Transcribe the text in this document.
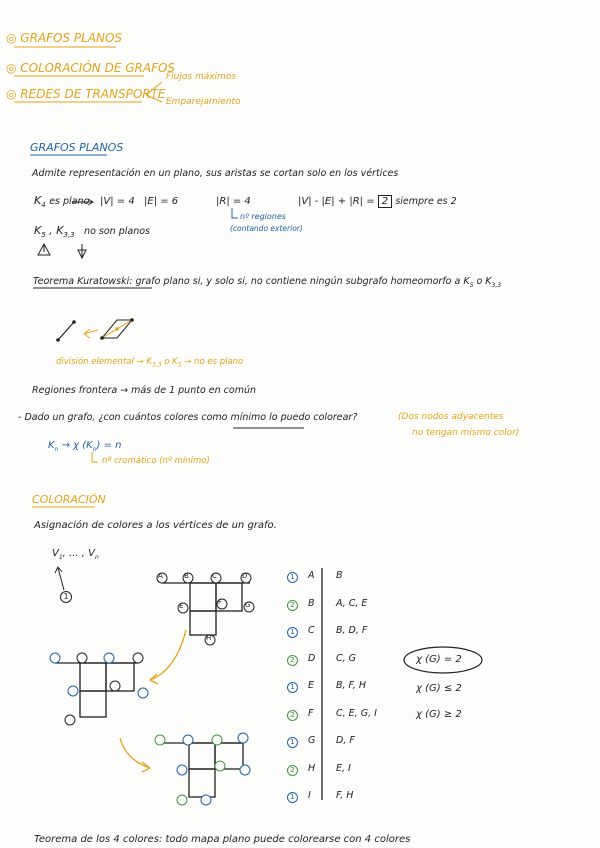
◎ GRAFOS PLANOS
◎ COLORACIÓN DE GRAFOS
◎ REDES DE TRANSPORTE
Flujos máximos
Emparejamiento
A	B	C	D
E	F	G
H
GRAFOS PLANOS
Admite representación en un plano, sus aristas se cortan solo en los vértices
$K_4$ es plano |V| = 4 |E| = 6	|R| = 4	|V| - |E| + |R| = 2 siempre es 2
nº regiones
(contando exterior)
$K_5$ , $K_{3,3}$ no son planos
Teorema Kuratowski: grafo plano si, y solo si, no contiene ningún subgrafo homeomorfo a $K_5$ o $K_{3,3}$
división elemental → $K_{3,3}$ o $K_5$ → no es plano
Regiones frontera → más de 1 punto en común
- Dado un grafo, ¿con cuántos colores como mínimo lo puedo colorear?	(Dos nodos adyacentes
no tengan mismo color)
$K_n \to \chi$ $(K_n) = n$
nº cromático (nº mínimo)
COLORACIÓN
Asignación de colores a los vértices de un grafo.
$V_1$, ... , $V_n$
1
1	A B
2	B A, C, E
1	C B, D, F
2	D C, G
1	E B, F, H
2	F C, E, G, I
1	G D, F
2	H E, I
1	I	F, H
χ (G) = 2
χ (G) ≤ 2
χ (G) ≥ 2
Teorema de los 4 colores: todo mapa plano puede colorearse con 4 colores
